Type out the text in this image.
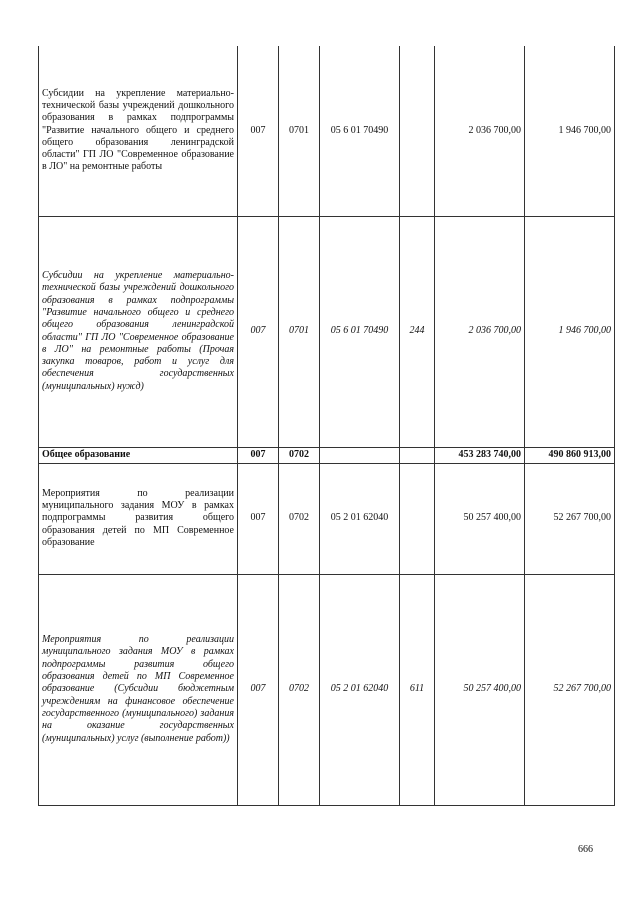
Субсидии на укрепление материально-технической базы учреждений дошкольного образования в рамках подпрограммы "Развитие начального общего и среднего общего образования ленинградской области" ГП ЛО "Современное образование в ЛО" на ремонтные работы	007	0701	05 6 01 70490		2 036 700,00	1 946 700,00
Субсидии на укрепление материально-технической базы учреждений дошкольного образования в рамках подпрограммы "Развитие начального общего и среднего общего образования ленинградской области" ГП ЛО "Современное образование в ЛО" на ремонтные работы (Прочая закупка товаров, работ и услуг для обеспечения государственных (муниципальных) нужд)	007	0701	05 6 01 70490	244	2 036 700,00	1 946 700,00
Общее образование	007	0702			453 283 740,00	490 860 913,00
Мероприятия по реализации муниципального задания МОУ в рамках подпрограммы развития общего образования детей по МП Современное образование	007	0702	05 2 01 62040		50 257 400,00	52 267 700,00
Мероприятия по реализации муниципального задания МОУ в рамках подпрограммы развития общего образования детей по МП Современное образование (Субсидии бюджетным учреждениям на финансовое обеспечение государственного (муниципального) задания на оказание государственных (муниципальных) услуг (выполнение работ))	007	0702	05 2 01 62040	611	50 257 400,00	52 267 700,00
666
